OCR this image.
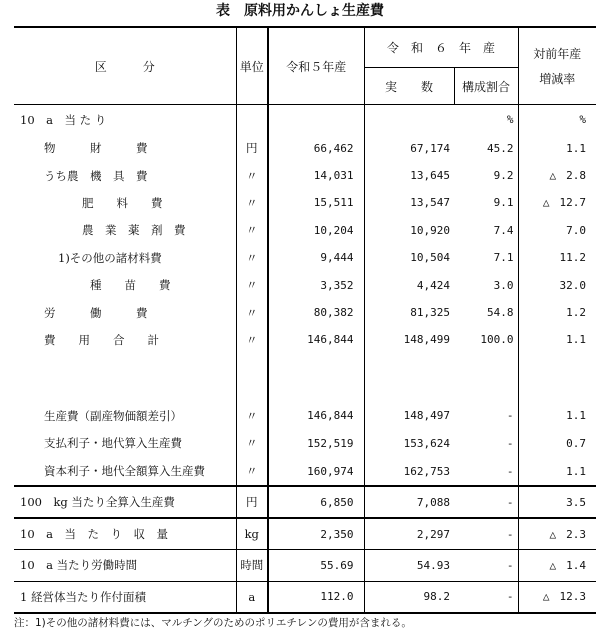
表　原料用かんしょ生産費
区　　　分	単位	令和５年産	令　和　６　年　産		対前年産
増減率

			実　　数	構成割合	
10　a　当 た り				%	%
物　　　財　　　費	円	66,462	67,174	45.2	1.1
うち農　機　具　費	〃	14,031	13,645	9.2	△ 2.8
肥　　料　　費	〃	15,511	13,547	9.1	△ 12.7
農　業　薬　剤　費	〃	10,204	10,920	7.4	7.0
1)その他の諸材料費	〃	9,444	10,504	7.1	11.2
種　　苗　　費	〃	3,352	4,424	3.0	32.0
労　　　働　　　費	〃	80,382	81,325	54.8	1.2
費　　用　　合　　計	〃	146,844	148,499	100.0	1.1

生産費（副産物価額差引）	〃	146,844	148,497	-	1.1
支払利子・地代算入生産費	〃	152,519	153,624	-	0.7
資本利子・地代全額算入生産費	〃	160,974	162,753	-	1.1
100　kg 当たり全算入生産費	円	6,850	7,088	-	3.5
10　a　当　た　り　収　量	kg	2,350	2,297	-	△ 2.3
10　a 当たり労働時間	時間	55.69	54.93	-	△ 1.4
1 経営体当たり作付面積	a	112.0	98.2	-	△ 12.3
注：1)その他の諸材料費には、マルチングのためのポリエチレンの費用が含まれる。
